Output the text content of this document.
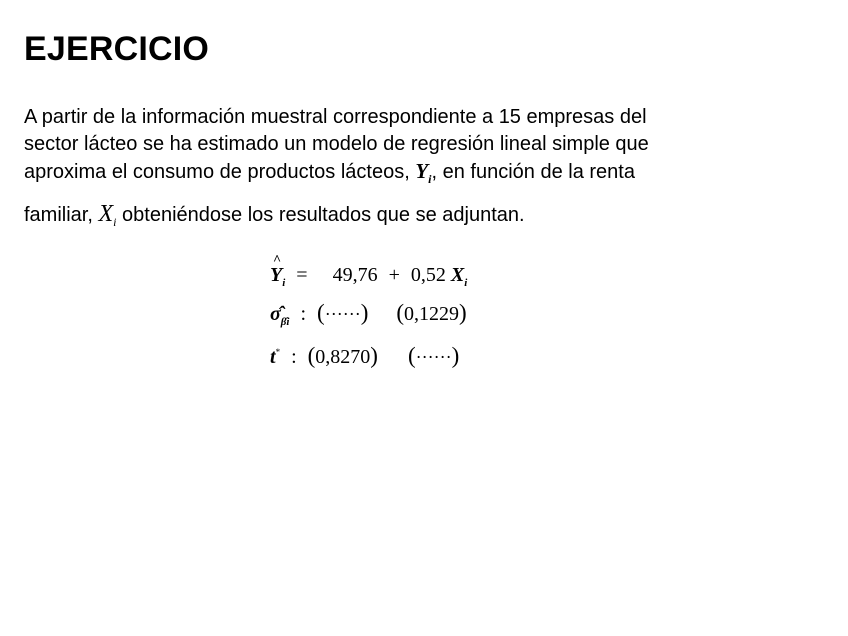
EJERCICIO
A partir de la información muestral correspondiente a 15 empresas del
sector lácteo se ha estimado un modelo de regresión lineal simple que
aproxima el consumo de productos lácteos, $Y_i$, en función de la renta
familiar, $X_i$ obteniéndose los resultados que se adjuntan.
Y
^
$_i$ = 49,76 + 0,52 $X_i$
$\sigmâ_{\betâi}$ : (······) (0,1229)
t* : (0,8270) (······)
